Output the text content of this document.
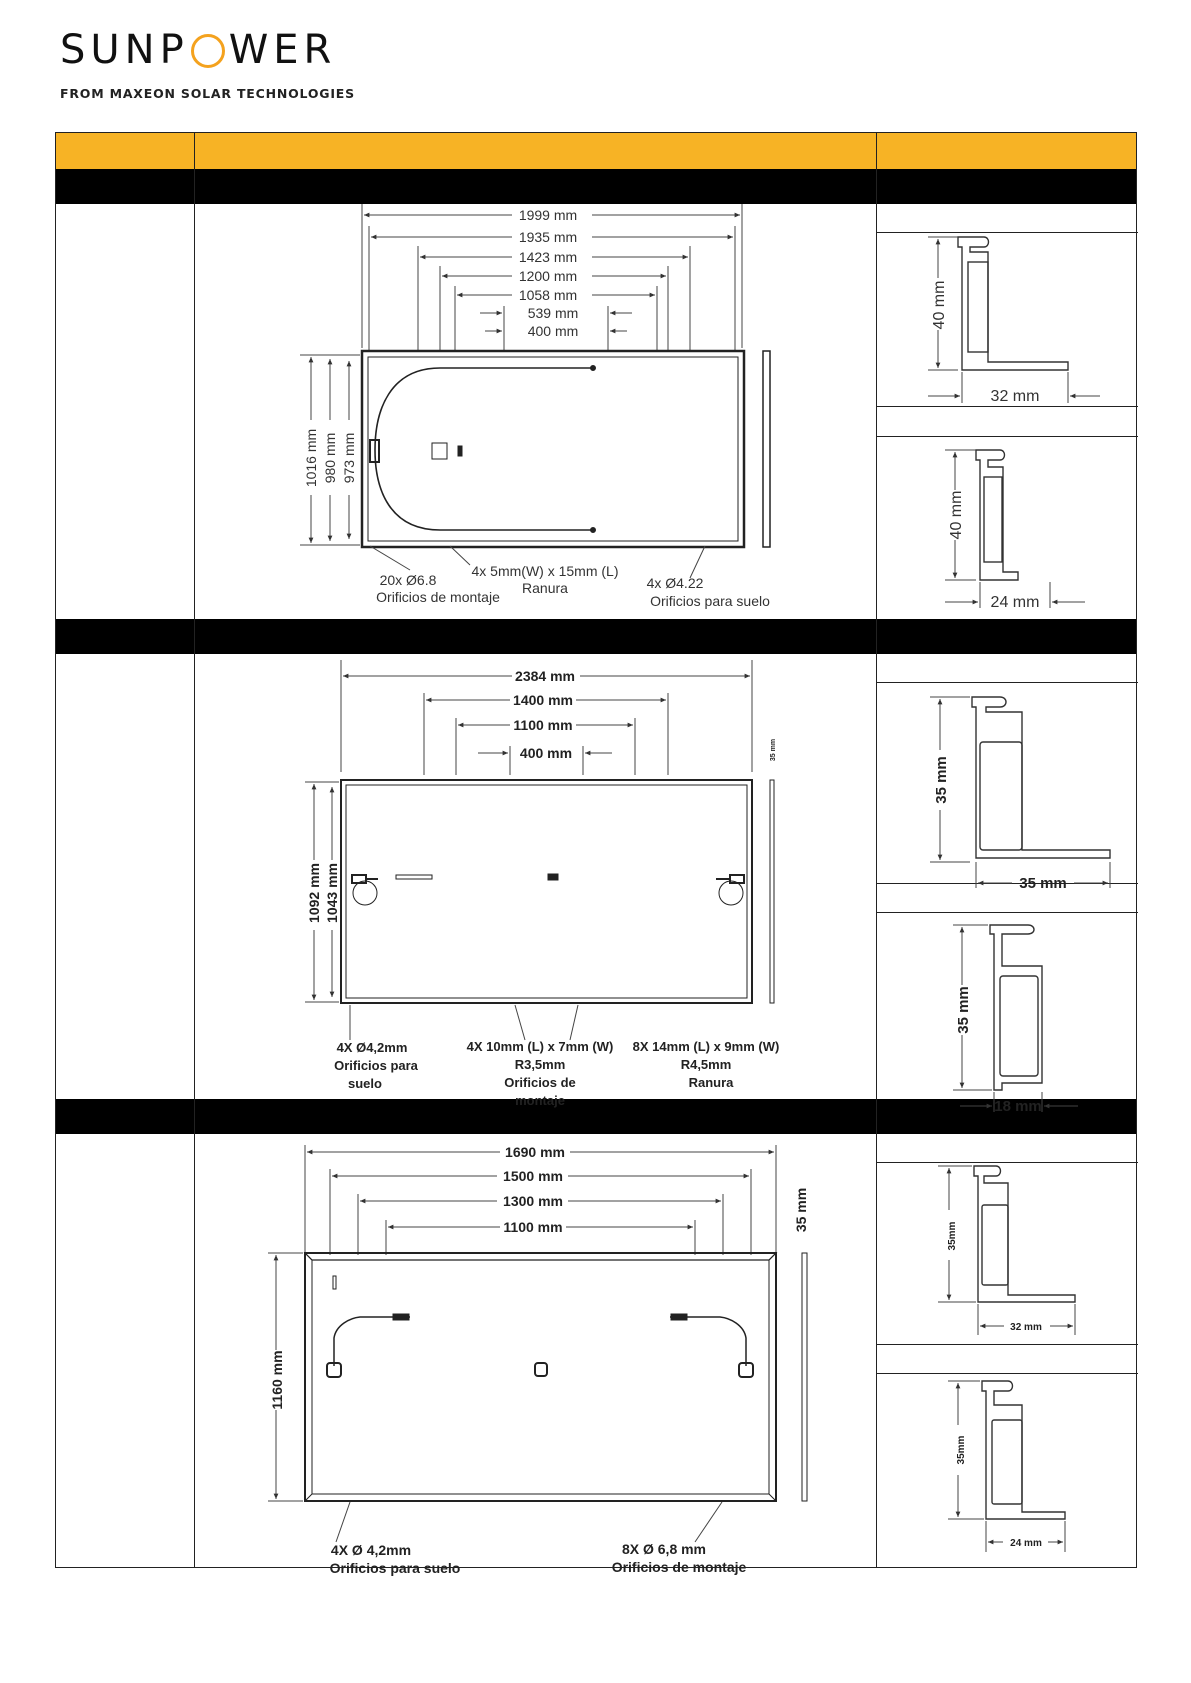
SUNP WER
FROM MAXEON SOLAR TECHNOLOGIES
1999 mm
1935 mm
1423 mm
1200 mm
1058 mm
539 mm
400 mm
1016 mm 980 mm 973 mm
20x Ø6.8
Orificios de montaje
4x 5mm(W) x 15mm (L)
Ranura	4x Ø4.22
Orificios para suelo
40 mm
32 mm
40 mm
24 mm
2384 mm
1400 mm
1100 mm
400 mm
1092 mm 1043 mm
35 mm
4X Ø4,2mm
Orificios para
suelo
4X 10mm (L) x 7mm (W)
R3,5mm
Orificios de
montaje
8X 14mm (L) x 9mm (W)
R4,5mm
Ranura
35 mm
35 mm
35 mm
18 mm
1690 mm
1500 mm
1300 mm
1100 mm
1160 mm
35 mm
4X Ø 4,2mm
Orificios para suelo
8X Ø 6,8 mm
Orificios de montaje
35mm
32 mm
35mm
24 mm
